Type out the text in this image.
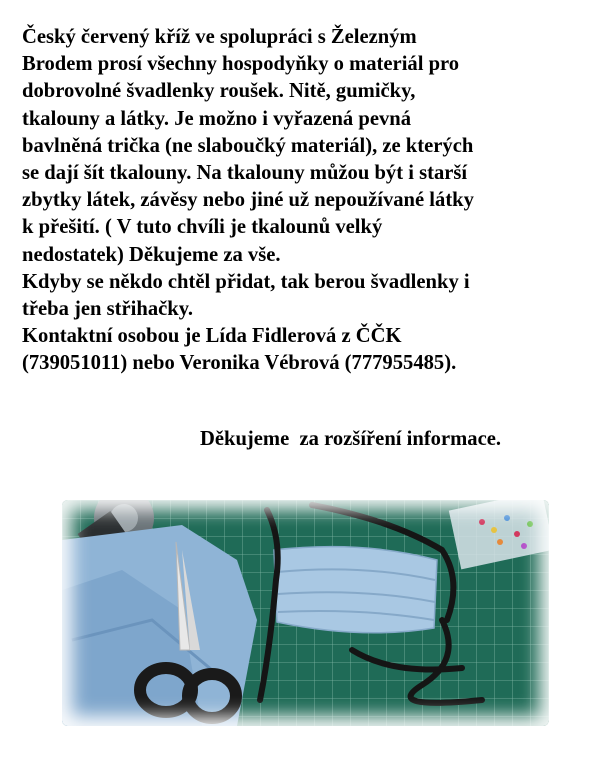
Český červený kříž ve spolupráci s Železným
Brodem prosí všechny hospodyňky o materiál pro
dobrovolné švadlenky roušek. Nitě, gumičky,
tkalouny a látky. Je možno i vyřazená pevná
bavlněná trička (ne slaboučký materiál), ze kterých
se dají šít tkalouny. Na tkalouny můžou být i starší
zbytky látek, závěsy nebo jiné už nepoužívané látky
k přešití. ( V tuto chvíli je tkalounů velký
nedostatek) Děkujeme za vše.
Kdyby se někdo chtěl přidat, tak berou švadlenky i
třeba jen střihačky.
Kontaktní osobou je Lída Fidlerová z ČČK
(739051011) nebo Veronika Vébrová (777955485).
Děkujeme  za rozšíření informace.
